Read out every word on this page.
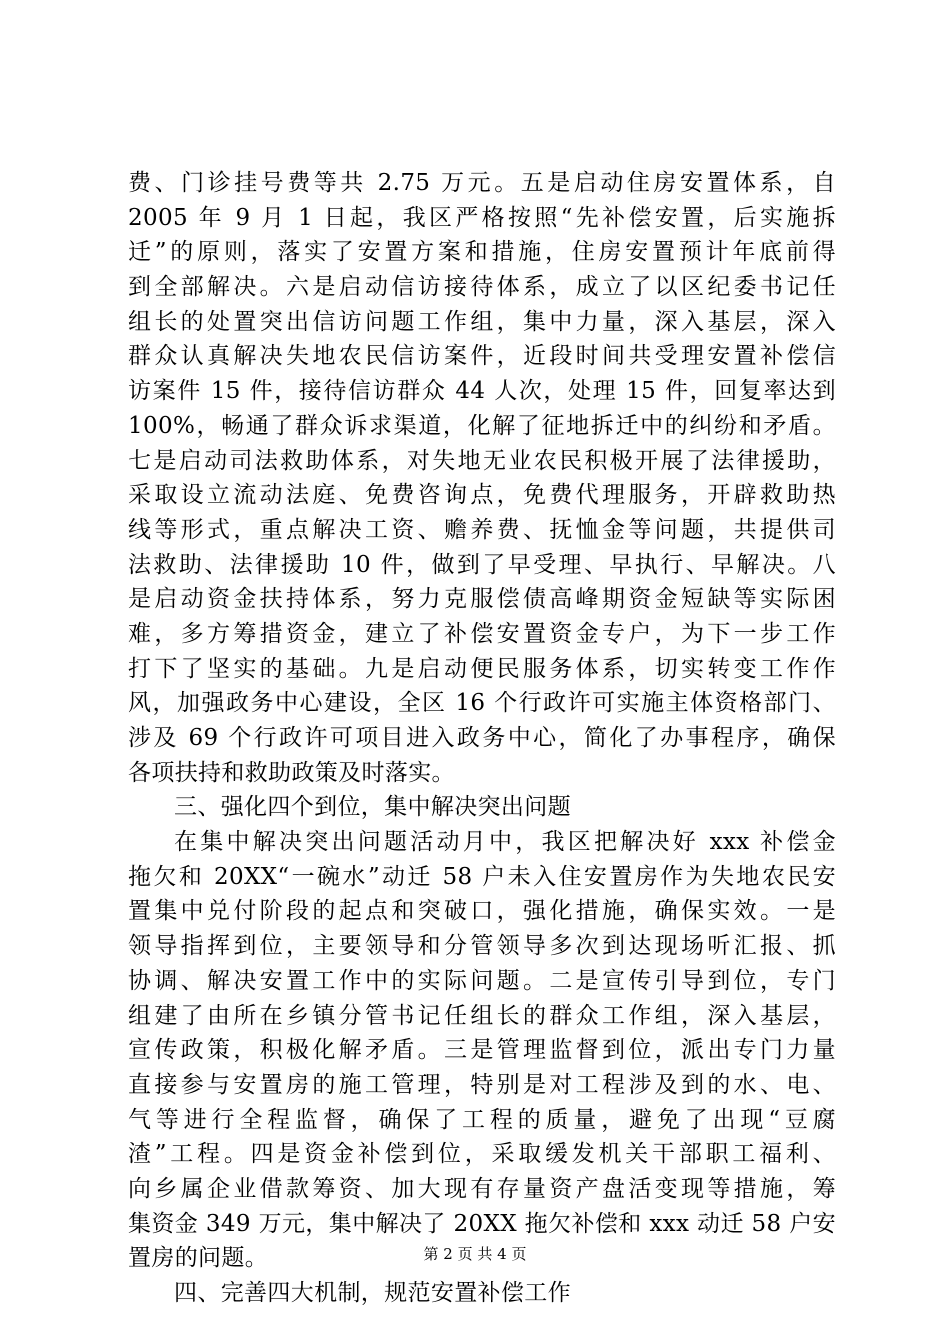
费、门诊挂号费等共 2.75 万元。五是启动住房安置体系，自
2005 年 9 月 1 日起，我区严格按照“先补偿安置，后实施拆
迁”的原则，落实了安置方案和措施，住房安置预计年底前得
到全部解决。六是启动信访接待体系，成立了以区纪委书记任
组长的处置突出信访问题工作组，集中力量，深入基层，深入
群众认真解决失地农民信访案件，近段时间共受理安置补偿信
访案件 15 件，接待信访群众 44 人次，处理 15 件，回复率达到
100%，畅通了群众诉求渠道，化解了征地拆迁中的纠纷和矛盾。
七是启动司法救助体系，对失地无业农民积极开展了法律援助，
采取设立流动法庭、免费咨询点，免费代理服务，开辟救助热
线等形式，重点解决工资、赡养费、抚恤金等问题，共提供司
法救助、法律援助 10 件，做到了早受理、早执行、早解决。八
是启动资金扶持体系，努力克服偿债高峰期资金短缺等实际困
难，多方筹措资金，建立了补偿安置资金专户，为下一步工作
打下了坚实的基础。九是启动便民服务体系，切实转变工作作
风，加强政务中心建设，全区 16 个行政许可实施主体资格部门、
涉及 69 个行政许可项目进入政务中心，简化了办事程序，确保
各项扶持和救助政策及时落实。
三、强化四个到位，集中解决突出问题
在集中解决突出问题活动月中，我区把解决好 xxx 补偿金
拖欠和 20XX“一碗水”动迁 58 户未入住安置房作为失地农民安
置集中兑付阶段的起点和突破口，强化措施，确保实效。一是
领导指挥到位，主要领导和分管领导多次到达现场听汇报、抓
协调、解决安置工作中的实际问题。二是宣传引导到位，专门
组建了由所在乡镇分管书记任组长的群众工作组，深入基层，
宣传政策，积极化解矛盾。三是管理监督到位，派出专门力量
直接参与安置房的施工管理，特别是对工程涉及到的水、电、
气等进行全程监督，确保了工程的质量，避免了出现“豆腐
渣”工程。四是资金补偿到位，采取缓发机关干部职工福利、
向乡属企业借款筹资、加大现有存量资产盘活变现等措施，筹
集资金 349 万元，集中解决了 20XX 拖欠补偿和 xxx 动迁 58 户安
置房的问题。
四、完善四大机制，规范安置补偿工作
第 2 页 共 4 页
